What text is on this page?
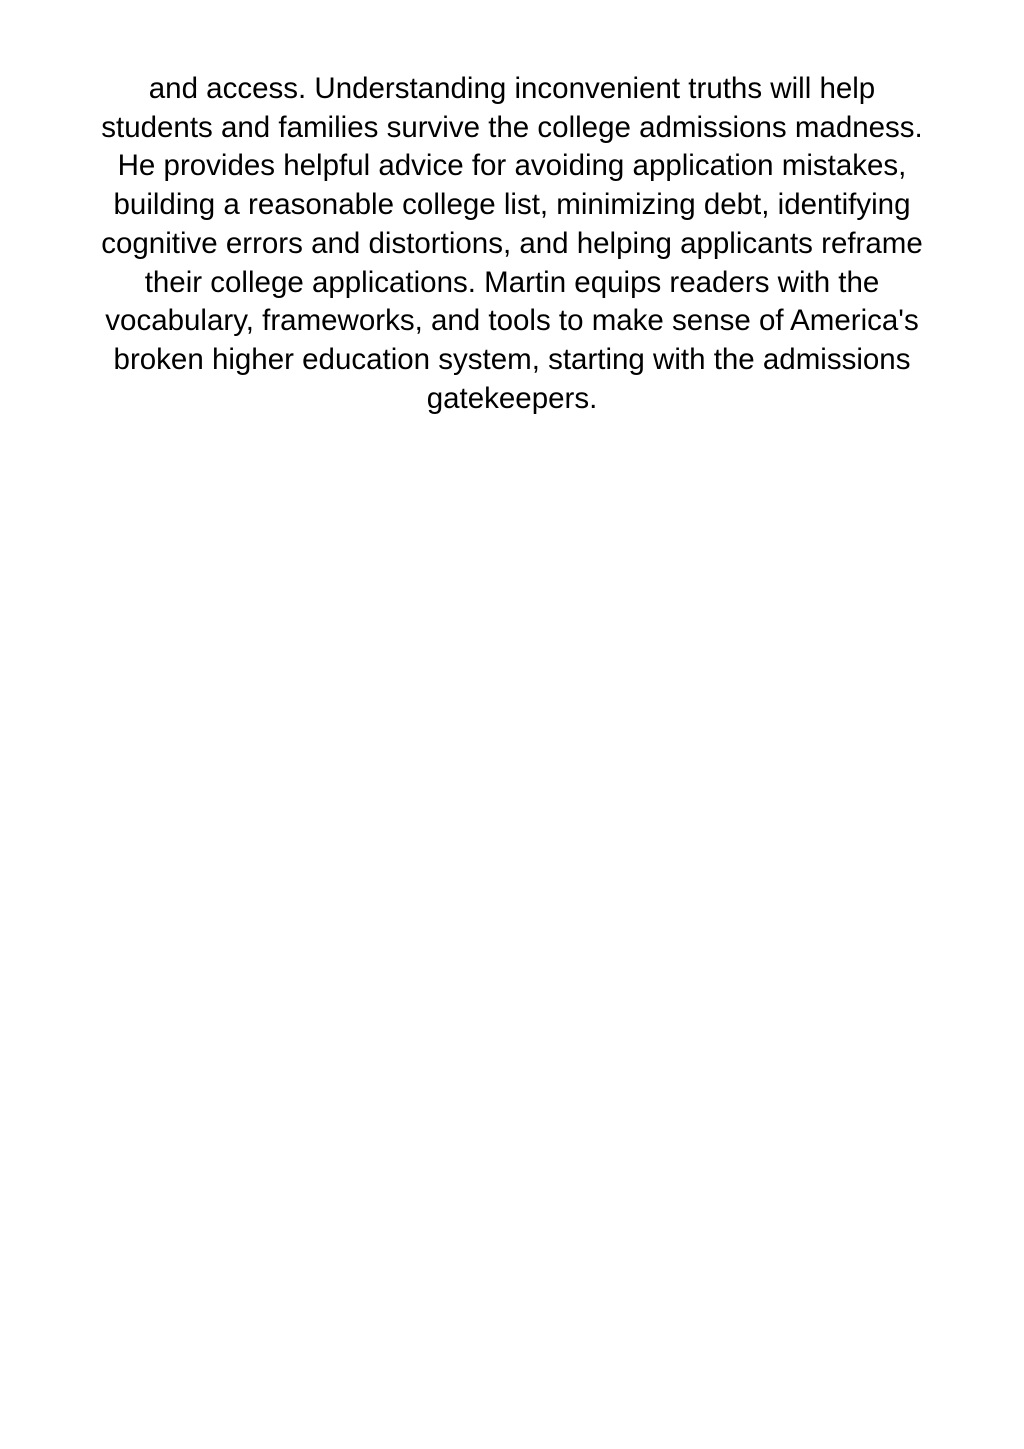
and access. Understanding inconvenient truths will help
students and families survive the college admissions madness.
He provides helpful advice for avoiding application mistakes,
building a reasonable college list, minimizing debt, identifying
cognitive errors and distortions, and helping applicants reframe
their college applications. Martin equips readers with the
vocabulary, frameworks, and tools to make sense of America's
broken higher education system, starting with the admissions
gatekeepers.
